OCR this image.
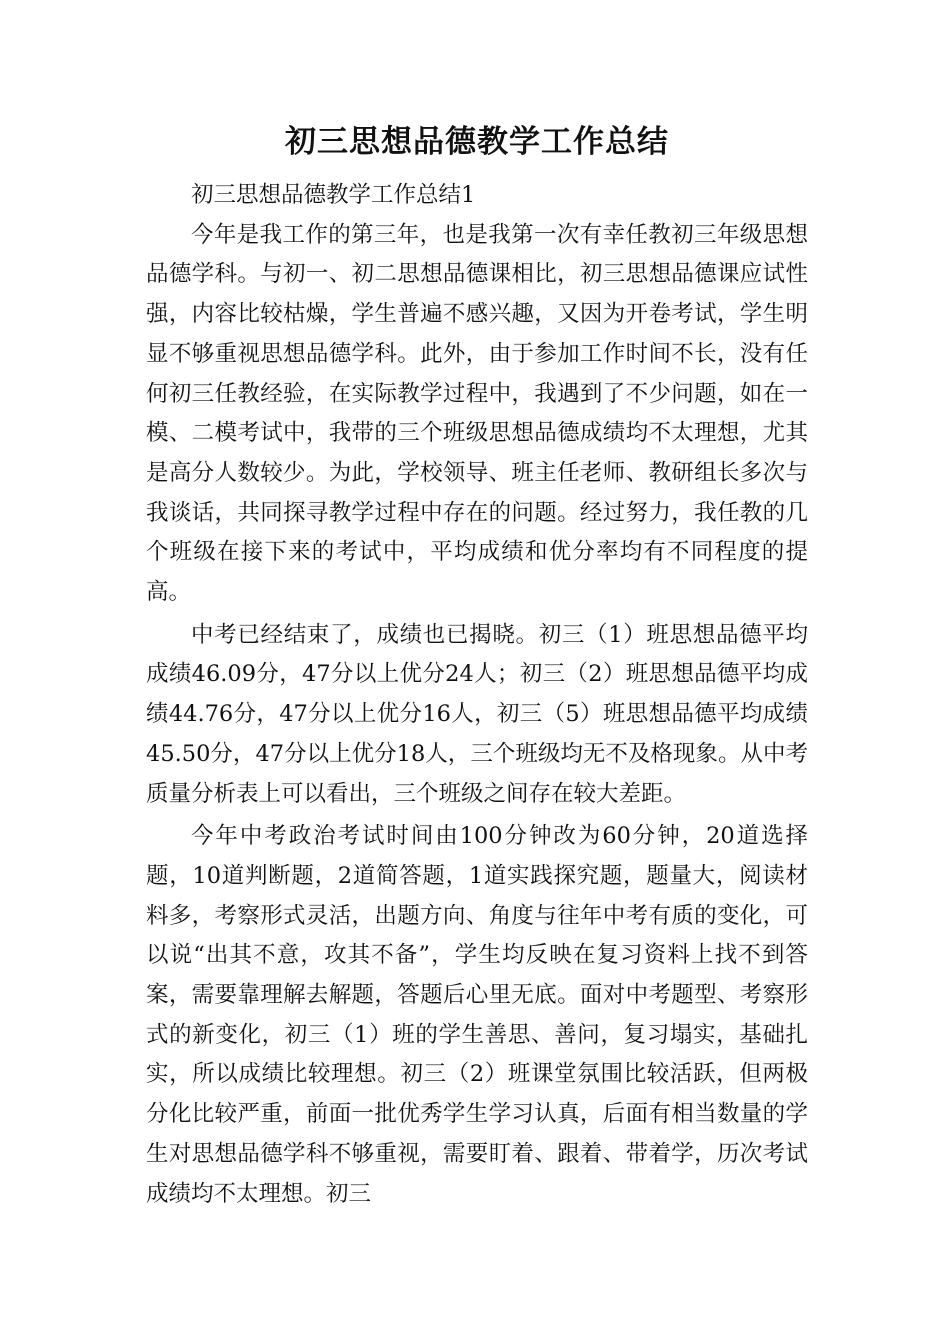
初三思想品德教学工作总结

初三思想品德教学工作总结1

今年是我工作的第三年，也是我第一次有幸任教初三年级思想品德学科。与初一、初二思想品德课相比，初三思想品德课应试性强，内容比较枯燥，学生普遍不感兴趣，又因为开卷考试，学生明显不够重视思想品德学科。此外，由于参加工作时间不长，没有任何初三任教经验，在实际教学过程中，我遇到了不少问题，如在一模、二模考试中，我带的三个班级思想品德成绩均不太理想，尤其是高分人数较少。为此，学校领导、班主任老师、教研组长多次与我谈话，共同探寻教学过程中存在的问题。经过努力，我任教的几个班级在接下来的考试中，平均成绩和优分率均有不同程度的提高。

中考已经结束了，成绩也已揭晓。初三（1）班思想品德平均成绩46.09分，47分以上优分24人；初三（2）班思想品德平均成绩44.76分，47分以上优分16人，初三（5）班思想品德平均成绩45.50分，47分以上优分18人，三个班级均无不及格现象。从中考质量分析表上可以看出，三个班级之间存在较大差距。

今年中考政治考试时间由100分钟改为60分钟，20道选择题，10道判断题，2道简答题，1道实践探究题，题量大，阅读材料多，考察形式灵活，出题方向、角度与往年中考有质的变化，可以说“出其不意，攻其不备”，学生均反映在复习资料上找不到答案，需要靠理解去解题，答题后心里无底。面对中考题型、考察形式的新变化，初三（1）班的学生善思、善问，复习塌实，基础扎实，所以成绩比较理想。初三（2）班课堂氛围比较活跃，但两极分化比较严重，前面一批优秀学生学习认真，后面有相当数量的学生对思想品德学科不够重视，需要盯着、跟着、带着学，历次考试成绩均不太理想。初三
